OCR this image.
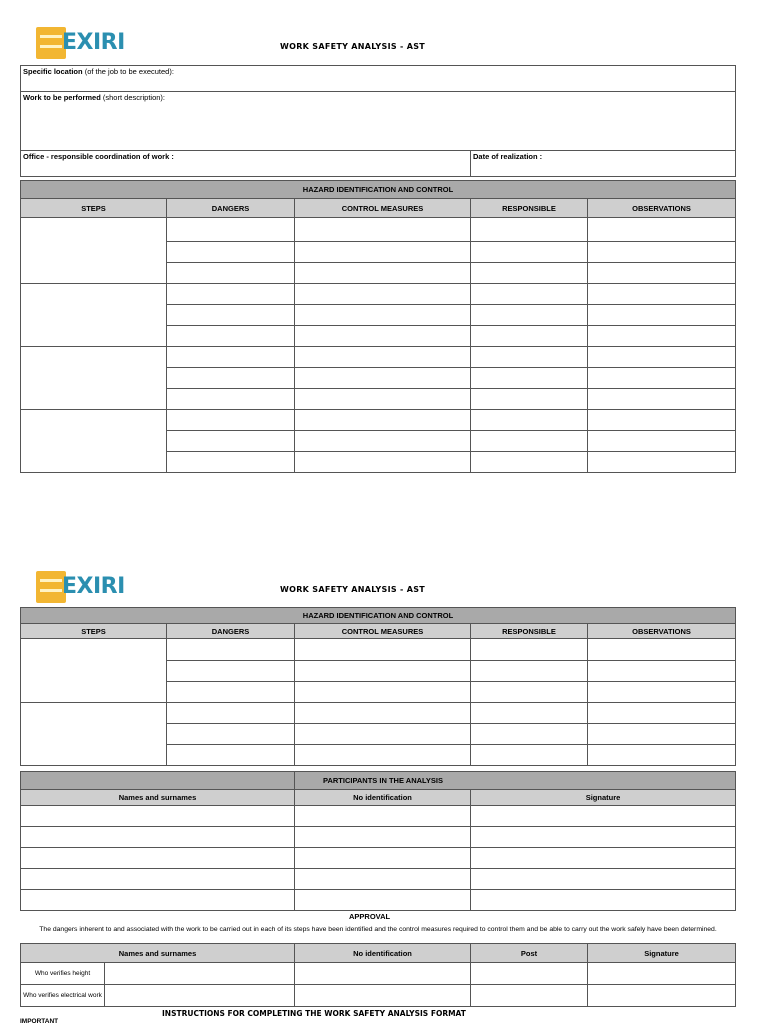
EXIRI	WORK SAFETY ANALYSIS - AST
Specific location (of the job to be executed):
Work to be performed (short description):
Office - responsible coordination of work :	Date of realization :
HAZARD IDENTIFICATION AND CONTROL				
STEPS	DANGERS	CONTROL MEASURES	RESPONSIBLE	OBSERVATIONS

EXIRI	WORK SAFETY ANALYSIS - AST
HAZARD IDENTIFICATION AND CONTROL				
STEPS	DANGERS	CONTROL MEASURES	RESPONSIBLE	OBSERVATIONS

	PARTICIPANTS IN THE ANALYSIS	
Names and surnames	No identification	Signature

APPROVAL
The dangers inherent to and associated with the work to be carried out in each of its steps have been identified and the control measures required to control them and be able to carry out the work safely have been determined.
Names and surnames		No identification	Post	Signature
Who verifies height				
Who verifies electrical work				
INSTRUCTIONS FOR COMPLETING THE WORK SAFETY ANALYSIS FORMAT
IMPORTANT
